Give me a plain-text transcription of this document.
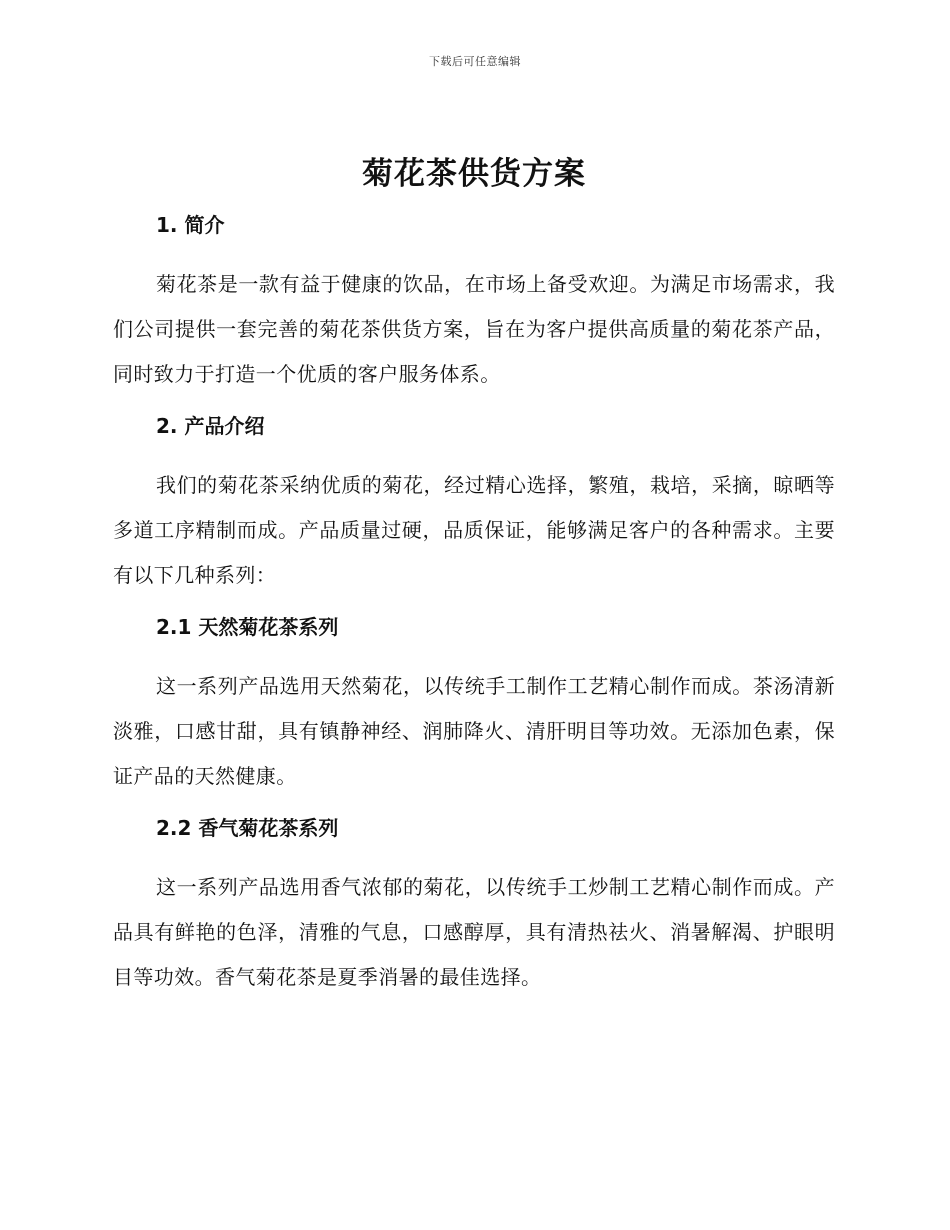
下载后可任意编辑
菊花茶供货方案
1. 简介

菊花茶是一款有益于健康的饮品，在市场上备受欢迎。为满足市场需求，我们公司提供一套完善的菊花茶供货方案，旨在为客户提供高质量的菊花茶产品，同时致力于打造一个优质的客户服务体系。

2. 产品介绍

我们的菊花茶采纳优质的菊花，经过精心选择，繁殖，栽培，采摘，晾晒等多道工序精制而成。产品质量过硬，品质保证，能够满足客户的各种需求。主要有以下几种系列：

2.1 天然菊花茶系列

这一系列产品选用天然菊花，以传统手工制作工艺精心制作而成。茶汤清新淡雅，口感甘甜，具有镇静神经、润肺降火、清肝明目等功效。无添加色素，保证产品的天然健康。

2.2 香气菊花茶系列

这一系列产品选用香气浓郁的菊花，以传统手工炒制工艺精心制作而成。产品具有鲜艳的色泽，清雅的气息，口感醇厚，具有清热祛火、消暑解渴、护眼明目等功效。香气菊花茶是夏季消暑的最佳选择。
